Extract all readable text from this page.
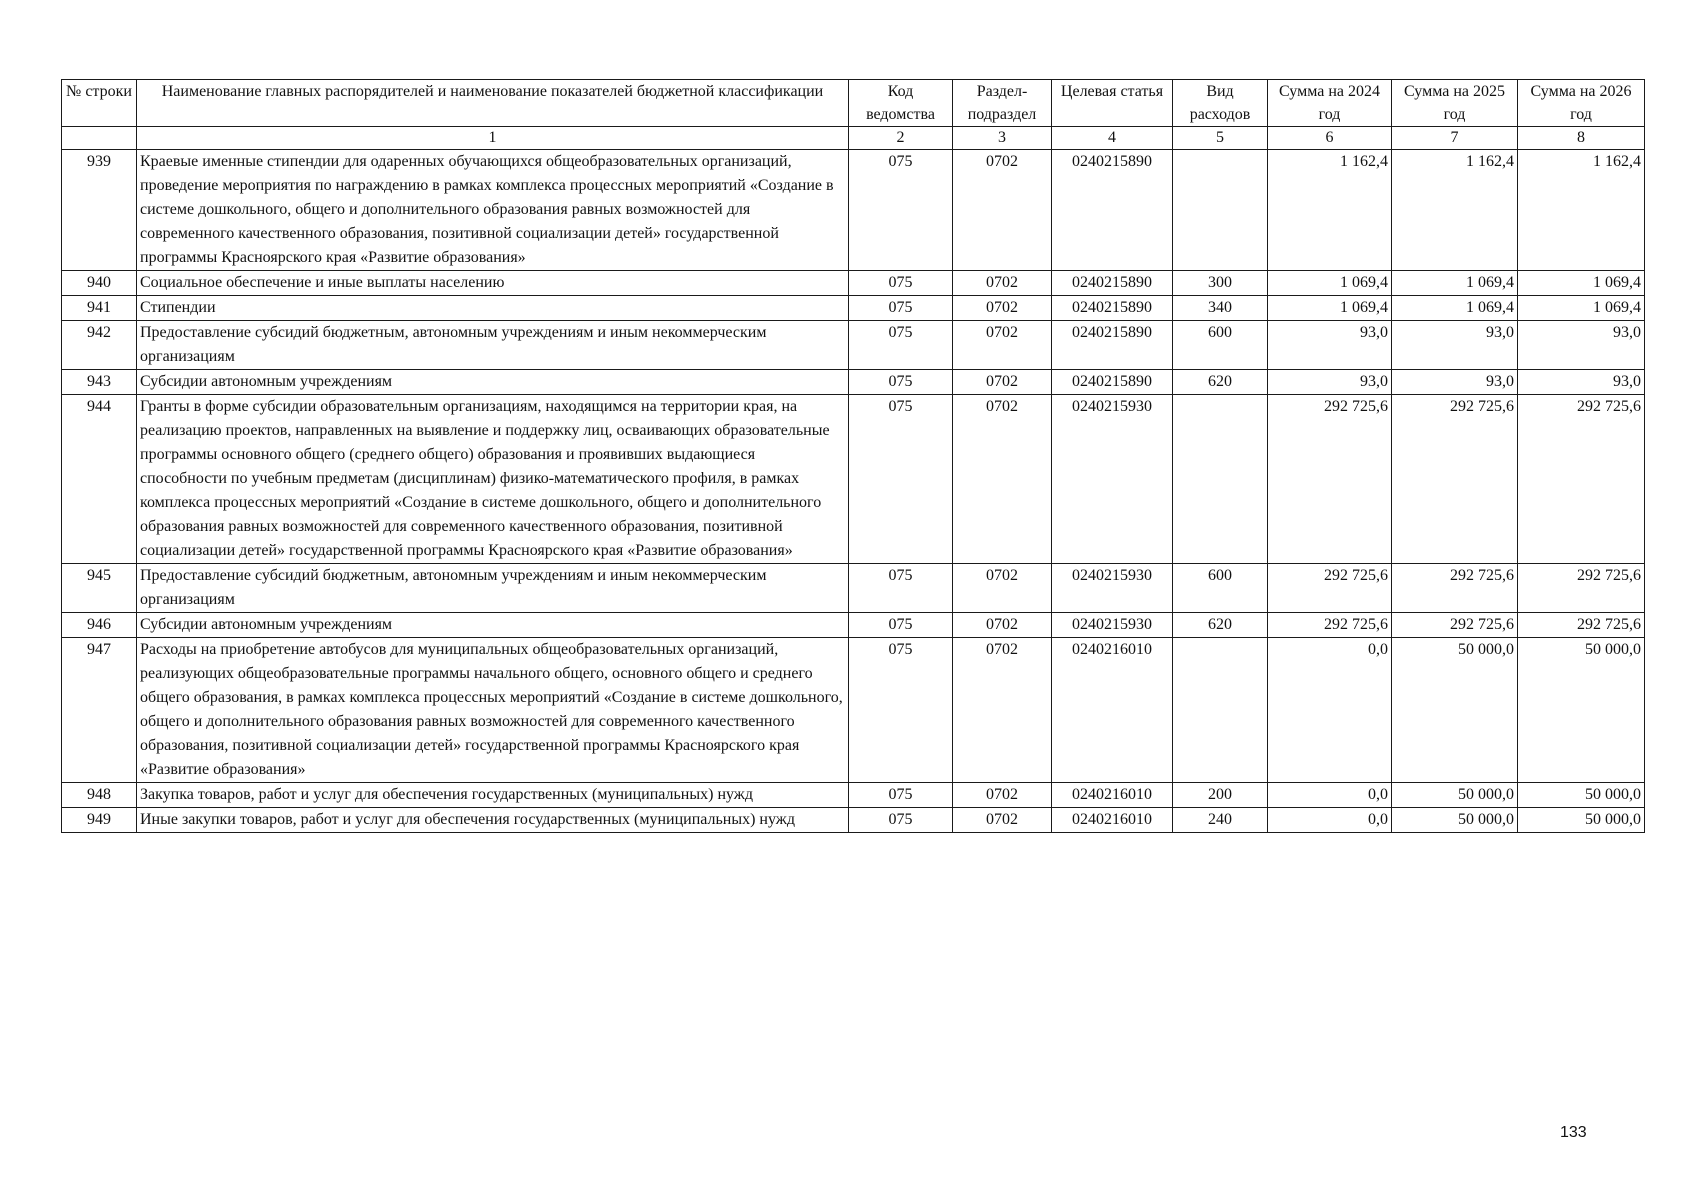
№ строки	Наименование главных распорядителей и наименование показателей бюджетной классификации	Код ведомства	Раздел-подраздел	Целевая статья	Вид расходов	Сумма на 2024 год	Сумма на 2025 год	Сумма на 2026 год
	1	2	3	4	5	6	7	8
939	Краевые именные стипендии для одаренных обучающихся общеобразовательных организаций, проведение мероприятия по награждению в рамках комплекса процессных мероприятий «Создание в системе дошкольного, общего и дополнительного образования равных возможностей для современного качественного образования, позитивной социализации детей» государственной программы Красноярского края «Развитие образования»	075	0702	0240215890		1 162,4	1 162,4	1 162,4
940	Социальное обеспечение и иные выплаты населению	075	0702	0240215890	300	1 069,4	1 069,4	1 069,4
941	Стипендии	075	0702	0240215890	340	1 069,4	1 069,4	1 069,4
942	Предоставление субсидий бюджетным, автономным учреждениям и иным некоммерческим организациям	075	0702	0240215890	600	93,0	93,0	93,0
943	Субсидии автономным учреждениям	075	0702	0240215890	620	93,0	93,0	93,0
944	Гранты в форме субсидии образовательным организациям, находящимся на территории края, на реализацию проектов, направленных на выявление и поддержку лиц, осваивающих образовательные программы основного общего (среднего общего) образования и проявивших выдающиеся способности по учебным предметам (дисциплинам) физико-математического профиля, в рамках комплекса процессных мероприятий «Создание в системе дошкольного, общего и дополнительного образования равных возможностей для современного качественного образования, позитивной социализации детей» государственной программы Красноярского края «Развитие образования»	075	0702	0240215930		292 725,6	292 725,6	292 725,6
945	Предоставление субсидий бюджетным, автономным учреждениям и иным некоммерческим организациям	075	0702	0240215930	600	292 725,6	292 725,6	292 725,6
946	Субсидии автономным учреждениям	075	0702	0240215930	620	292 725,6	292 725,6	292 725,6
947	Расходы на приобретение автобусов для муниципальных общеобразовательных организаций, реализующих общеобразовательные программы начального общего, основного общего и среднего общего образования, в рамках комплекса процессных мероприятий «Создание в системе дошкольного, общего и дополнительного образования равных возможностей для современного качественного образования, позитивной социализации детей» государственной программы Красноярского края «Развитие образования»	075	0702	0240216010		0,0	50 000,0	50 000,0
948	Закупка товаров, работ и услуг для обеспечения государственных (муниципальных) нужд	075	0702	0240216010	200	0,0	50 000,0	50 000,0
949	Иные закупки товаров, работ и услуг для обеспечения государственных (муниципальных) нужд	075	0702	0240216010	240	0,0	50 000,0	50 000,0
133
